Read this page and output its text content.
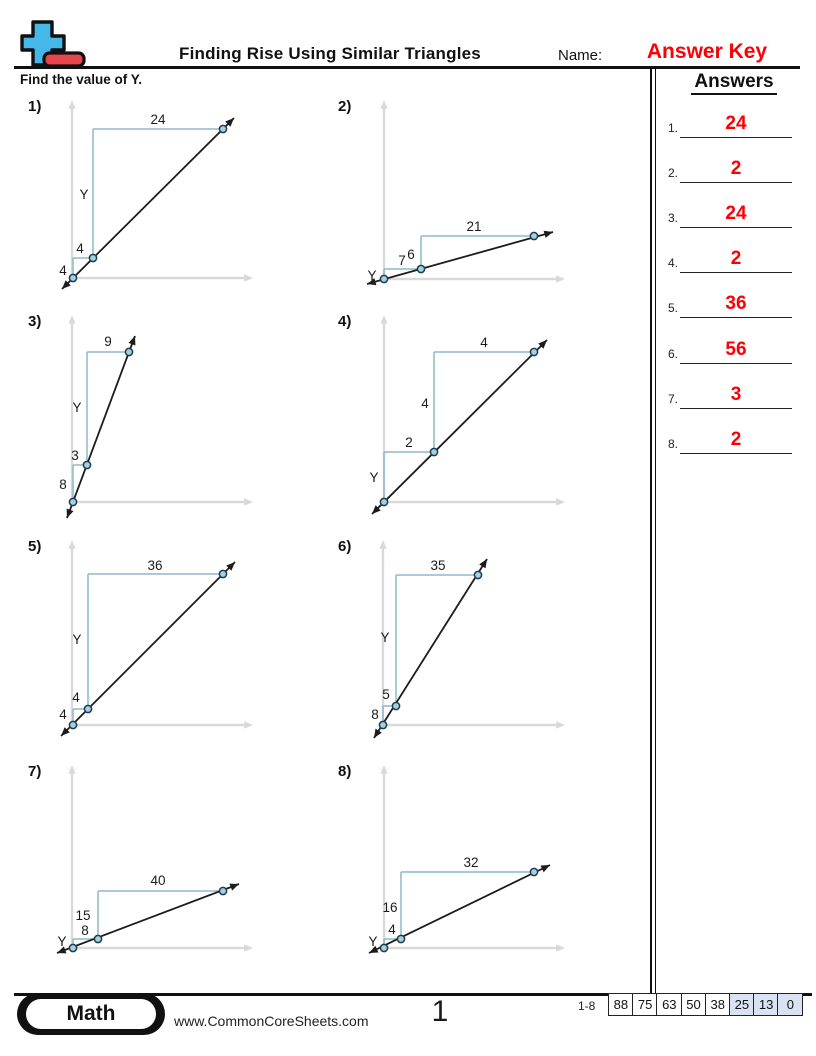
Finding Rise Using Similar Triangles	Name:	Answer Key
Find the value of Y.	Answers
1.	24
2.	2
3.	24
4.	2
5.	36
6.	56
7.	3
8.	2
1)
4
4
Y
24
2)
Y
7 6
21
3)
8
3
Y
9
4)
Y
2
4
4
5)
4
4
Y
36
6)
8
5
Y
35
7)
Y
8
15
40
8)
Y
4
16
32
Math	www.CommonCoreSheets.com	1	1-8	88 75 63 50 38 25 13	0
